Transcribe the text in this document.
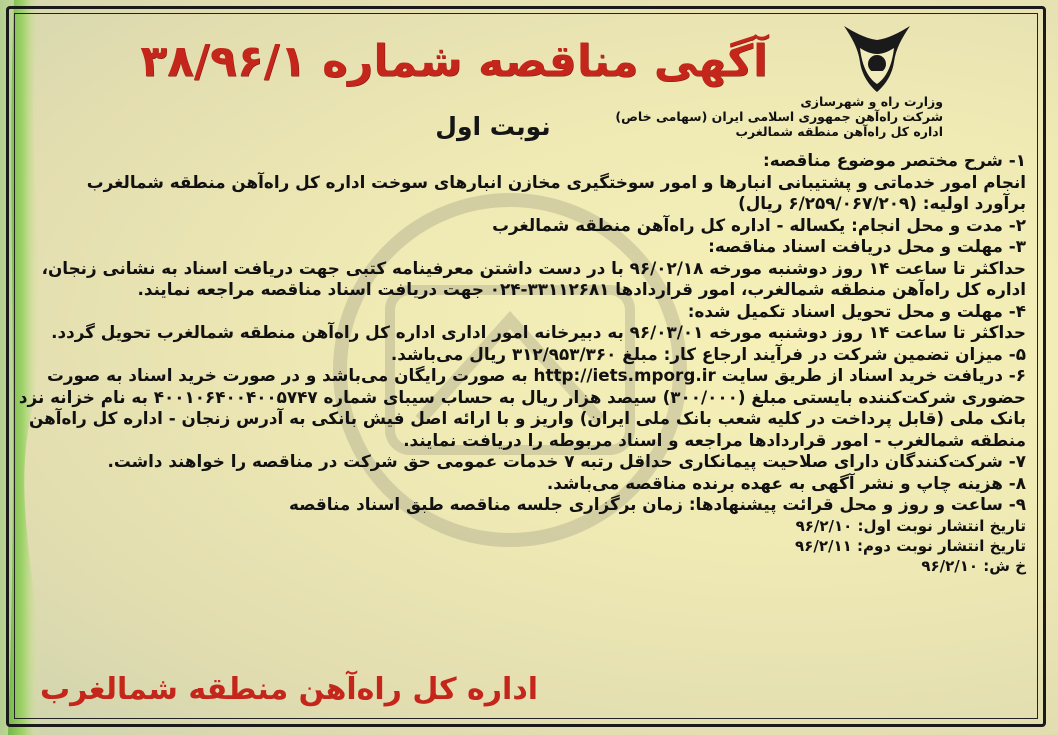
آگهی مناقصه شماره ۳۸/۹۶/۱
نوبت اول
وزارت راه و شهرسازی
شرکت راه‌آهن جمهوری اسلامی ایران (سهامی خاص)
اداره کل راه‌آهن منطقه شمالغرب
۱- شرح مختصر موضوع مناقصه:
انجام امور خدماتی و پشتیبانی انبارها و امور سوختگیری مخازن انبارهای سوخت اداره کل راه‌آهن منطقه شمالغرب
برآورد اولیه: (۶/۲۵۹/۰۶۷/۲۰۹ ریال)
۲- مدت و محل انجام: یکساله - اداره کل راه‌آهن منطقه شمالغرب
۳- مهلت و محل دریافت اسناد مناقصه:
حداکثر تا ساعت ۱۴ روز دوشنبه مورخه ۹۶/۰۲/۱۸ با در دست داشتن معرفینامه کتبی جهت دریافت اسناد به نشانی زنجان،
اداره کل راه‌آهن منطقه شمالغرب، امور قراردادها ۳۳۱۱۲۶۸۱-۰۲۴ جهت دریافت اسناد مناقصه مراجعه نمایند.
۴- مهلت و محل تحویل اسناد تکمیل شده:
حداکثر تا ساعت ۱۴ روز دوشنبه مورخه ۹۶/۰۳/۰۱ به دبیرخانه امور اداری اداره کل راه‌آهن منطقه شمالغرب تحویل گردد.
۵- میزان تضمین شرکت در فرآیند ارجاع کار: مبلغ ۳۱۲/۹۵۳/۳۶۰ ریال می‌باشد.
۶- دریافت خرید اسناد از طریق سایت http://iets.mporg.ir به صورت رایگان می‌باشد و در صورت خرید اسناد به صورت
حضوری شرکت‌کننده بایستی مبلغ (۳۰۰/۰۰۰) سیصد هزار ریال به حساب سیبای شماره ۴۰۰۱۰۶۴۰۰۴۰۰۵۷۴۷ به نام خزانه نزد
بانک ملی (قابل پرداخت در کلیه شعب بانک ملی ایران) واریز و با ارائه اصل فیش بانکی به آدرس زنجان - اداره کل راه‌آهن
منطقه شمالغرب - امور قراردادها مراجعه و اسناد مربوطه را دریافت نمایند.
۷- شرکت‌کنندگان دارای صلاحیت پیمانکاری حداقل رتبه ۷ خدمات عمومی حق شرکت در مناقصه را خواهند داشت.
۸- هزینه چاپ و نشر آگهی به عهده برنده مناقصه می‌باشد.
۹- ساعت و روز و محل قرائت پیشنهادها: زمان برگزاری جلسه مناقصه طبق اسناد مناقصه
تاریخ انتشار نوبت اول: ۹۶/۲/۱۰
تاریخ انتشار نوبت دوم: ۹۶/۲/۱۱
خ ش: ۹۶/۲/۱۰
اداره کل راه‌آهن منطقه شمالغرب
